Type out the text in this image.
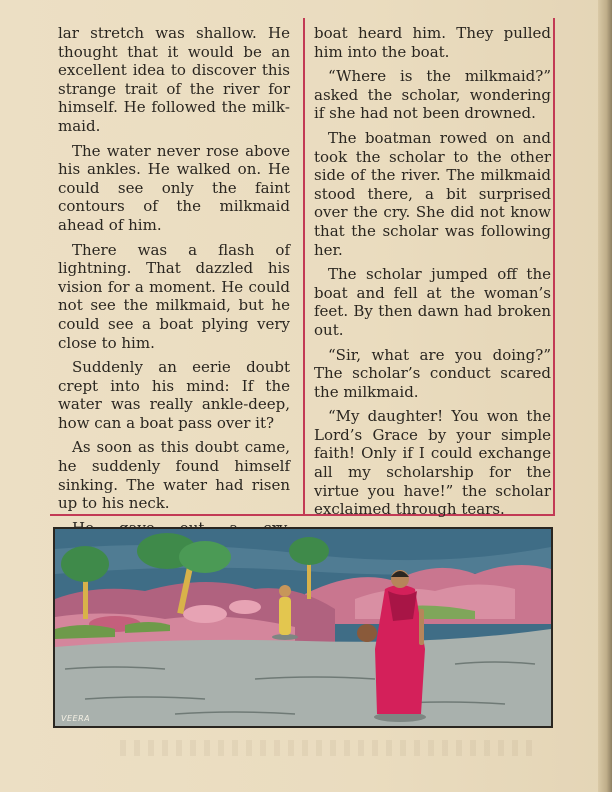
lar stretch was shallow. He thought that it would be an excellent idea to discover this strange trait of the river for himself. He followed the milkmaid.

The water never rose above his ankles. He walked on. He could see only the faint contours of the milkmaid ahead of him.

There was a flash of lightning. That dazzled his vision for a moment. He could not see the milkmaid, but he could see a boat plying very close to him.

Suddenly an eerie doubt crept into his mind: If the water was really ankle-deep, how can a boat pass over it?

As soon as this doubt came, he suddenly found himself sinking. The water had risen up to his neck.

boat heard him. They pulled him into the boat.

“Where is the milkmaid?” asked the scholar, wondering if she had not been drowned.

The boatman rowed on and took the scholar to the other side of the river. The milkmaid stood there, a bit surprised over the cry. She did not know that the scholar was following her.

The scholar jumped off the boat and fell at the woman’s feet. By then dawn had broken out.

“Sir, what are you doing?” The scholar’s conduct scared the milkmaid.

“My daughter! You won the Lord’s Grace by your simple faith! Only if I could exchange all my scholarship for the virtue you have!” the scholar exclaimed through tears.

VEERA
